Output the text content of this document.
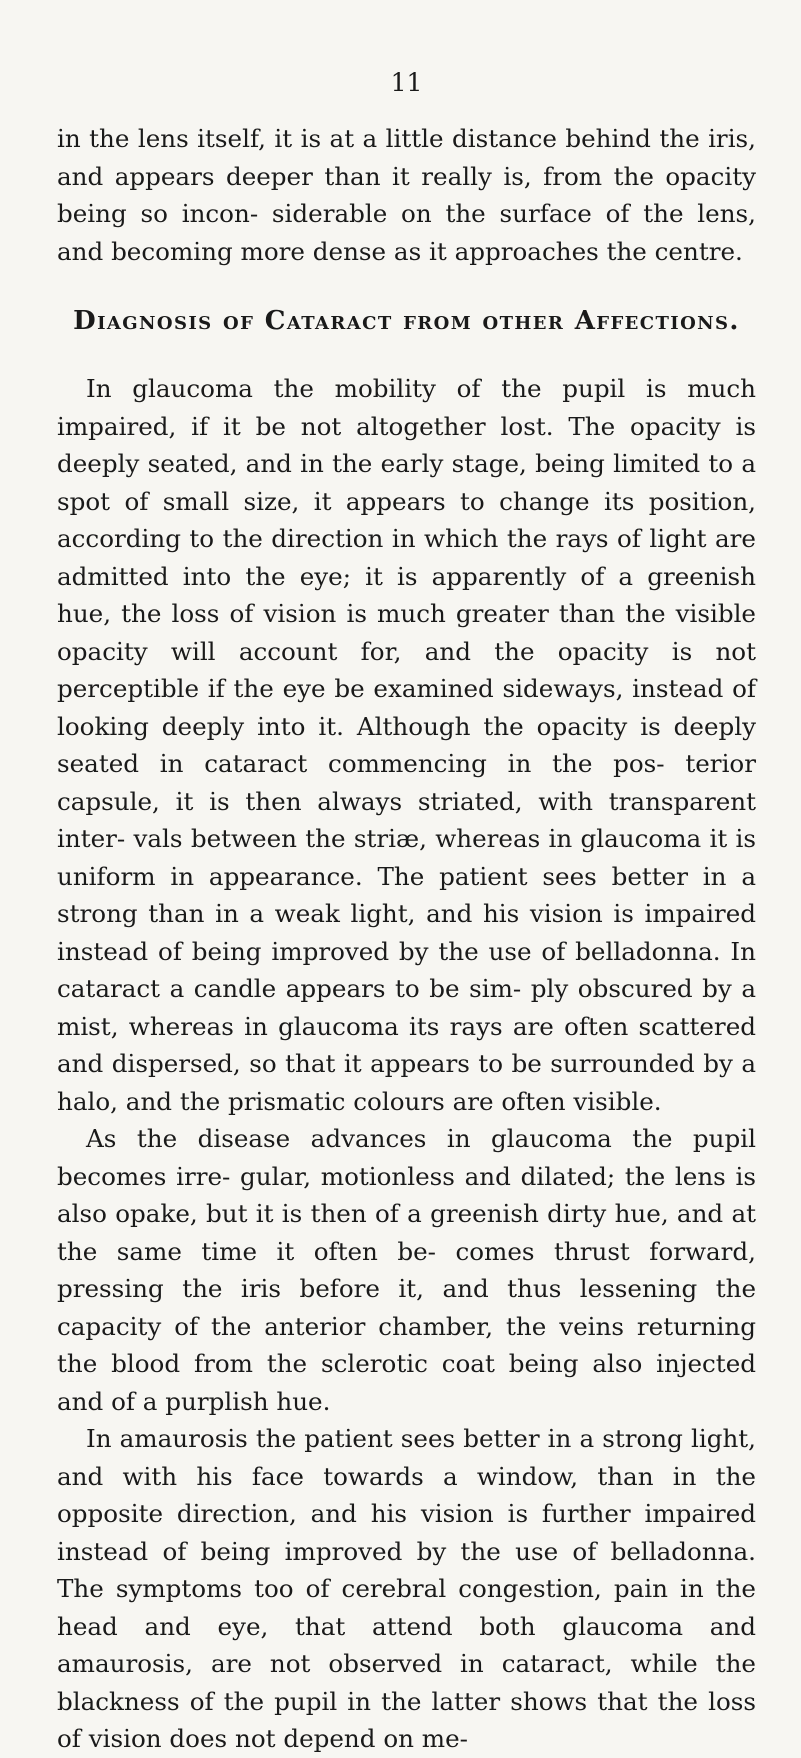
11

in the lens itself, it is at a little distance behind the iris, and appears deeper than it really is, from the opacity being so incon- siderable on the surface of the lens, and becoming more dense as it approaches the centre.

Diagnosis of Cataract from other Affections.

In glaucoma the mobility of the pupil is much impaired, if it be not altogether lost. The opacity is deeply seated, and in the early stage, being limited to a spot of small size, it appears to change its position, according to the direction in which the rays of light are admitted into the eye; it is apparently of a greenish hue, the loss of vision is much greater than the visible opacity will account for, and the opacity is not perceptible if the eye be examined sideways, instead of looking deeply into it. Although the opacity is deeply seated in cataract commencing in the pos- terior capsule, it is then always striated, with transparent inter- vals between the striæ, whereas in glaucoma it is uniform in appearance. The patient sees better in a strong than in a weak light, and his vision is impaired instead of being improved by the use of belladonna. In cataract a candle appears to be sim- ply obscured by a mist, whereas in glaucoma its rays are often scattered and dispersed, so that it appears to be surrounded by a halo, and the prismatic colours are often visible.

As the disease advances in glaucoma the pupil becomes irre- gular, motionless and dilated; the lens is also opake, but it is then of a greenish dirty hue, and at the same time it often be- comes thrust forward, pressing the iris before it, and thus lessening the capacity of the anterior chamber, the veins returning the blood from the sclerotic coat being also injected and of a purplish hue.

In amaurosis the patient sees better in a strong light, and with his face towards a window, than in the opposite direction, and his vision is further impaired instead of being improved by the use of belladonna. The symptoms too of cerebral congestion, pain in the head and eye, that attend both glaucoma and amaurosis, are not observed in cataract, while the blackness of the pupil in the latter shows that the loss of vision does not depend on me-
